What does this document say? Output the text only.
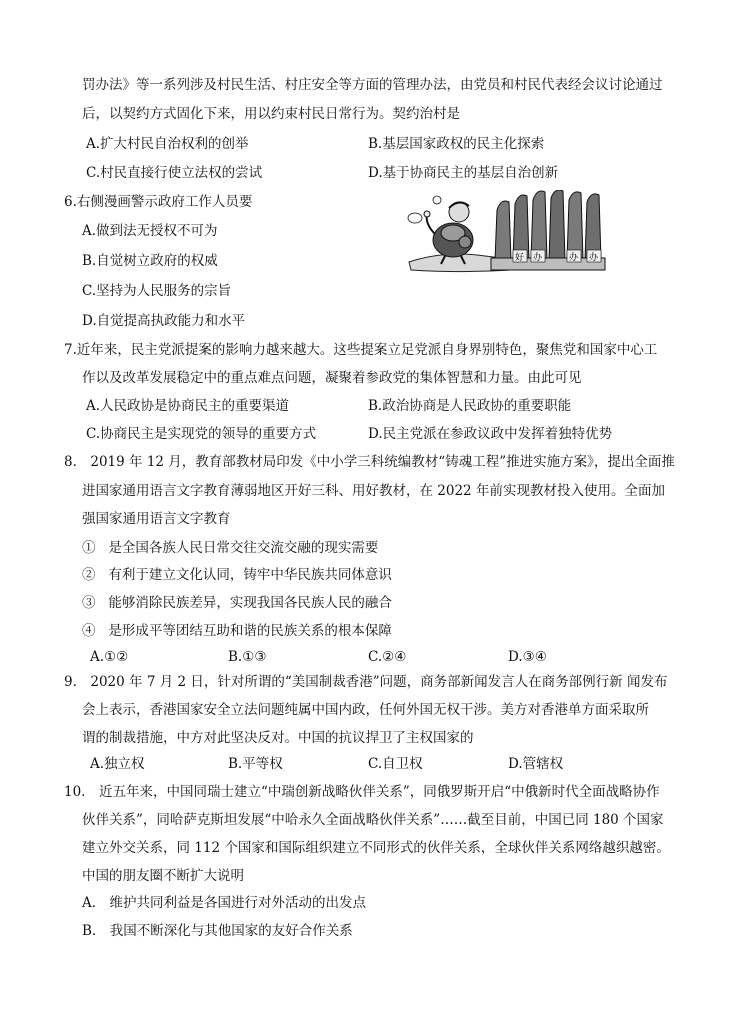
罚办法》等一系列涉及村民生活、村庄安全等方面的管理办法，由党员和村民代表经会议讨论通过
后，以契约方式固化下来，用以约束村民日常行为。契约治村是
A.扩大村民自治权利的创举	B.基层国家政权的民主化探索
C.村民直接行使立法权的尝试	D.基于协商民主的基层自治创新
6.右侧漫画警示政府工作人员要
A.做到法无授权不可为
B.自觉树立政府的权威
C.坚持为人民服务的宗旨
D.自觉提高执政能力和水平
好 办	办 办
7.近年来，民主党派提案的影响力越来越大。这些提案立足党派自身界别特色，聚焦党和国家中心工
作以及改革发展稳定中的重点难点问题，凝聚着参政党的集体智慧和力量。由此可见
A.人民政协是协商民主的重要渠道	B.政治协商是人民政协的重要职能
C.协商民主是实现党的领导的重要方式	D.民主党派在参政议政中发挥着独特优势
8.　2019 年 12 月，教育部教材局印发《中小学三科统编教材“铸魂工程”推进实施方案》，提出全面推
进国家通用语言文字教育薄弱地区开好三科、用好教材，在 2022 年前实现教材投入使用。全面加
强国家通用语言文字教育
① 是全国各族人民日常交往交流交融的现实需要
② 有利于建立文化认同，铸牢中华民族共同体意识
③ 能够消除民族差异，实现我国各民族人民的融合
④ 是形成平等团结互助和谐的民族关系的根本保障
A.①②	B.①③	C.②④	D.③④
9.　2020 年 7 月 2 日，针对所谓的“美国制裁香港”问题，商务部新闻发言人在商务部例行新 闻发布
会上表示，香港国家安全立法问题纯属中国内政，任何外国无权干涉。美方对香港单方面采取所
谓的制裁措施，中方对此坚决反对。中国的抗议捍卫了主权国家的
A.独立权	B.平等权	C.自卫权	D.管辖权
10.　近五年来，中国同瑞士建立“中瑞创新战略伙伴关系”，同俄罗斯开启“中俄新时代全面战略协作
伙伴关系”，同哈萨克斯坦发展“中哈永久全面战略伙伴关系”……截至目前，中国已同 180 个国家
建立外交关系，同 112 个国家和国际组织建立不同形式的伙伴关系，全球伙伴关系网络越织越密。
中国的朋友圈不断扩大说明
A.　维护共同利益是各国进行对外活动的出发点
B.　我国不断深化与其他国家的友好合作关系
